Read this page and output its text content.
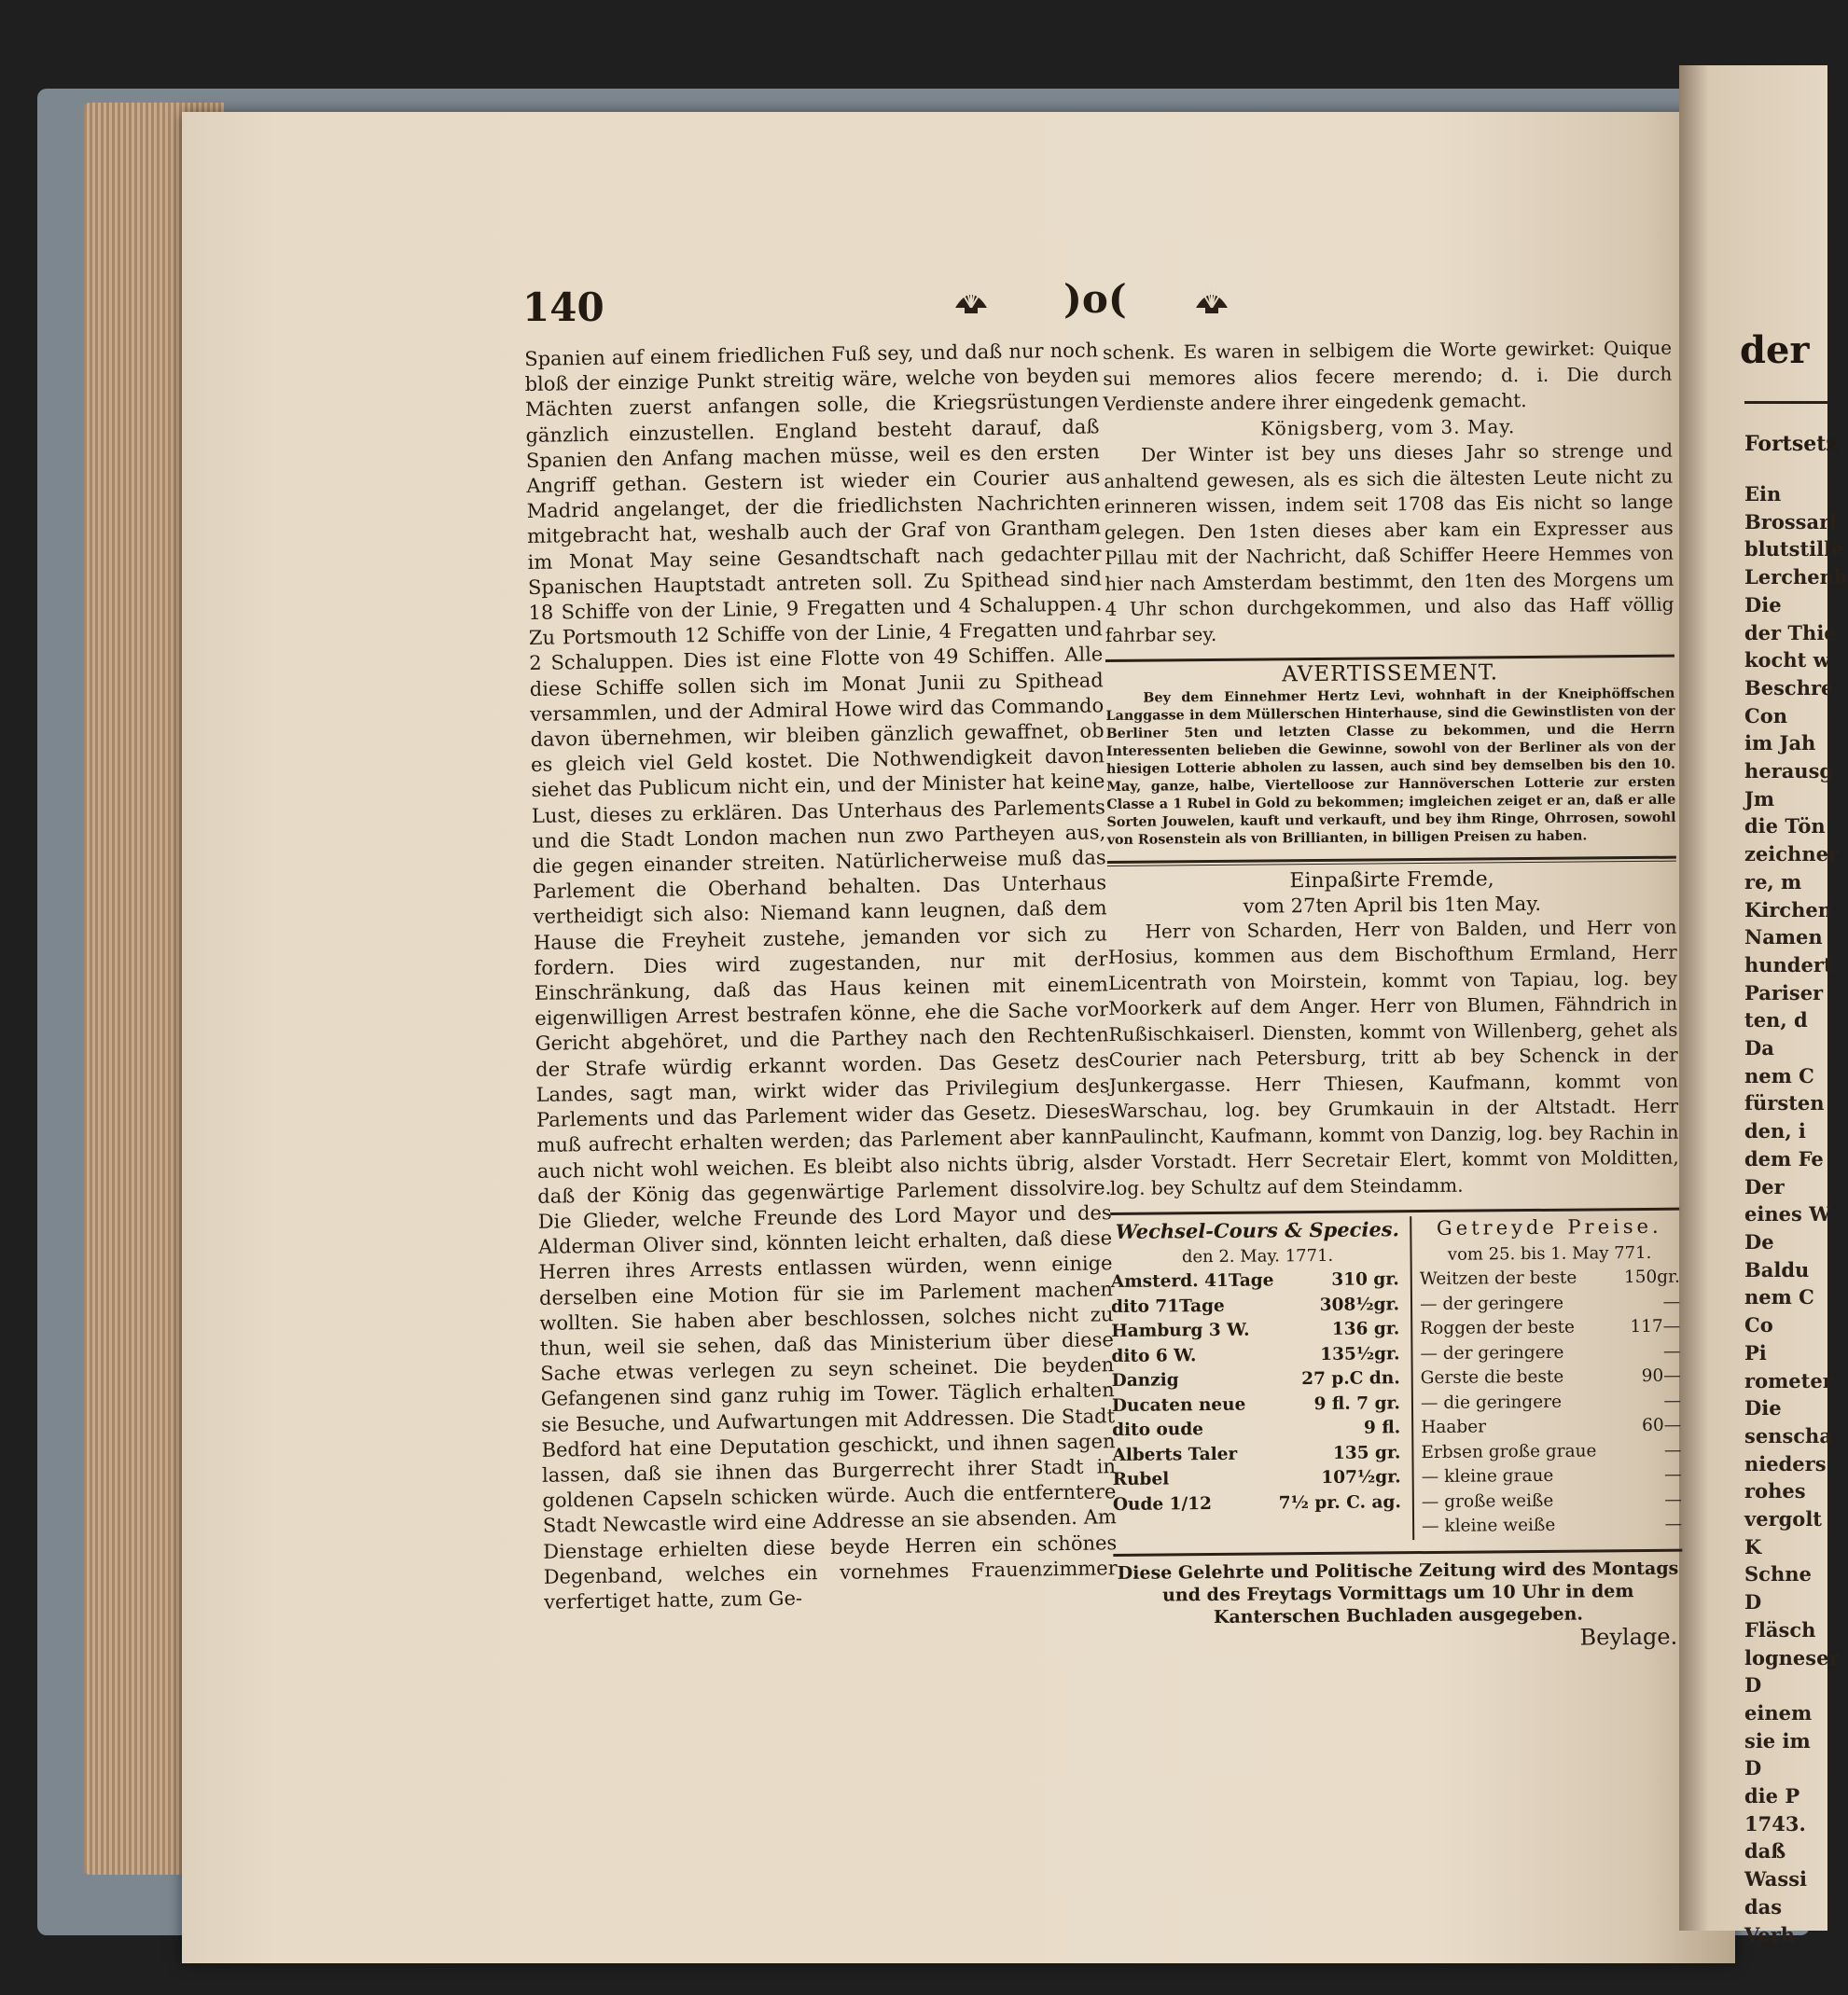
der
Fortsetz
Ein
Brossarl
blutstille
Lerchenb
Die
der Thie
kocht w
Beschre
Con
im Jah
herausg
Jm
die Tön
zeichner
re, m
Kirchen
Namen
hundert
Pariser
ten, d
Da
nem C
fürsten
den, i
dem Fe
Der
eines W
De
Baldu
nem C
Co
Pi
rometer
Die
senscha
nieders
rohes
vergolt
K
Schne
D
Fläsch
logneser
D
einem
sie im
D
die P
1743.
daß
Wassi
das
Verh
140	)o(

Spanien auf einem friedlichen Fuß sey, und daß nur noch bloß der einzige Punkt streitig wäre, welche von beyden Mächten zuerst anfangen solle, die Kriegsrüstungen gänzlich einzustellen. England besteht darauf, daß Spanien den Anfang machen müsse, weil es den ersten Angriff gethan. Gestern ist wieder ein Courier aus Madrid angelanget, der die friedlichsten Nachrichten mitgebracht hat, weshalb auch der Graf von Grantham im Monat May seine Gesandtschaft nach gedachter Spanischen Hauptstadt antreten soll. Zu Spithead sind 18 Schiffe von der Linie, 9 Fregatten und 4 Schaluppen. Zu Portsmouth 12 Schiffe von der Linie, 4 Fregatten und 2 Schaluppen. Dies ist eine Flotte von 49 Schiffen. Alle diese Schiffe sollen sich im Monat Junii zu Spithead versammlen, und der Admiral Howe wird das Commando davon übernehmen, wir bleiben gänzlich gewaffnet, ob es gleich viel Geld kostet. Die Nothwendigkeit davon siehet das Publicum nicht ein, und der Minister hat keine Lust, dieses zu erklären. Das Unterhaus des Parlements und die Stadt London machen nun zwo Partheyen aus, die gegen einander streiten. Natürlicherweise muß das Parlement die Oberhand behalten. Das Unterhaus vertheidigt sich also: Niemand kann leugnen, daß dem Hause die Freyheit zustehe, jemanden vor sich zu fordern. Dies wird zugestanden, nur mit der Einschränkung, daß das Haus keinen mit einem eigenwilligen Arrest bestrafen könne, ehe die Sache vor Gericht abgehöret, und die Parthey nach den Rechten der Strafe würdig erkannt worden. Das Gesetz des Landes, sagt man, wirkt wider das Privilegium des Parlements und das Parlement wider das Gesetz. Dieses muß aufrecht erhalten werden; das Parlement aber kann auch nicht wohl weichen. Es bleibt also nichts übrig, als daß der König das gegenwärtige Parlement dissolvire. Die Glieder, welche Freunde des Lord Mayor und des Alderman Oliver sind, könnten leicht erhalten, daß diese Herren ihres Arrests entlassen würden, wenn einige derselben eine Motion für sie im Parlement machen wollten. Sie haben aber beschlossen, solches nicht zu thun, weil sie sehen, daß das Ministerium über diese Sache etwas verlegen zu seyn scheinet. Die beyden Gefangenen sind ganz ruhig im Tower. Täglich erhalten sie Besuche, und Aufwartungen mit Addressen. Die Stadt Bedford hat eine Deputation geschickt, und ihnen sagen lassen, daß sie ihnen das Burgerrecht ihrer Stadt in goldenen Capseln schicken würde. Auch die entferntere Stadt Newcastle wird eine Addresse an sie absenden. Am Dienstage erhielten diese beyde Herren ein schönes Degenband, welches ein vornehmes Frauenzimmer verfertiget hatte, zum Ge-

schenk. Es waren in selbigem die Worte gewirket: Quique sui memores alios fecere merendo; d. i. Die durch Verdienste andere ihrer eingedenk gemacht.

Königsberg, vom 3. May.

Der Winter ist bey uns dieses Jahr so strenge und anhaltend gewesen, als es sich die ältesten Leute nicht zu erinneren wissen, indem seit 1708 das Eis nicht so lange gelegen. Den 1sten dieses aber kam ein Expresser aus Pillau mit der Nachricht, daß Schiffer Heere Hemmes von hier nach Amsterdam bestimmt, den 1ten des Morgens um 4 Uhr schon durchgekommen, und also das Haff völlig fahrbar sey.

AVERTISSEMENT.

Bey dem Einnehmer Hertz Levi, wohnhaft in der Kneiphöffschen Langgasse in dem Müllerschen Hinterhause, sind die Gewinstlisten von der Berliner 5ten und letzten Classe zu bekommen, und die Herrn Interessenten belieben die Gewinne, sowohl von der Berliner als von der hiesigen Lotterie abholen zu lassen, auch sind bey demselben bis den 10. May, ganze, halbe, Viertelloose zur Hannöverschen Lotterie zur ersten Classe a 1 Rubel in Gold zu bekommen; imgleichen zeiget er an, daß er alle Sorten Jouwelen, kauft und verkauft, und bey ihm Ringe, Ohrrosen, sowohl von Rosenstein als von Brillianten, in billigen Preisen zu haben.

Einpaßirte Fremde,
vom 27ten April bis 1ten May.

Herr von Scharden, Herr von Balden, und Herr von Hosius, kommen aus dem Bischofthum Ermland, Herr Licentrath von Moirstein, kommt von Tapiau, log. bey Moorkerk auf dem Anger. Herr von Blumen, Fähndrich in Rußischkaiserl. Diensten, kommt von Willenberg, gehet als Courier nach Petersburg, tritt ab bey Schenck in der Junkergasse. Herr Thiesen, Kaufmann, kommt von Warschau, log. bey Grumkauin in der Altstadt. Herr Paulincht, Kaufmann, kommt von Danzig, log. bey Rachin in der Vorstadt. Herr Secretair Elert, kommt von Molditten, log. bey Schultz auf dem Steindamm.

Wechsel-Cours & Species.
den 2. May. 1771.
Amsterd. 41Tage	310 gr.
dito 71Tage	308½gr.
Hamburg 3 W.	136 gr.
dito 6 W.	135½gr.
Danzig	27 p.C dn.
Ducaten neue	9 fl. 7 gr.
dito oude	9 fl.
Alberts Taler	135 gr.
Rubel	107½gr.
Oude 1/12	7½ pr. C. ag.
Getreyde Preise.
vom 25. bis 1. May 771.
Weitzen der beste	150gr.
— der geringere	—
Roggen der beste	117—
— der geringere	—
Gerste die beste	90—
— die geringere	—
Haaber	60—
Erbsen große graue	—
— kleine graue	—
— große weiße	—
— kleine weiße	—
Diese Gelehrte und Politische Zeitung wird des Montags und des Freytags Vormittags um 10 Uhr in dem Kanterschen Buchladen ausgegeben.
Beylage.
